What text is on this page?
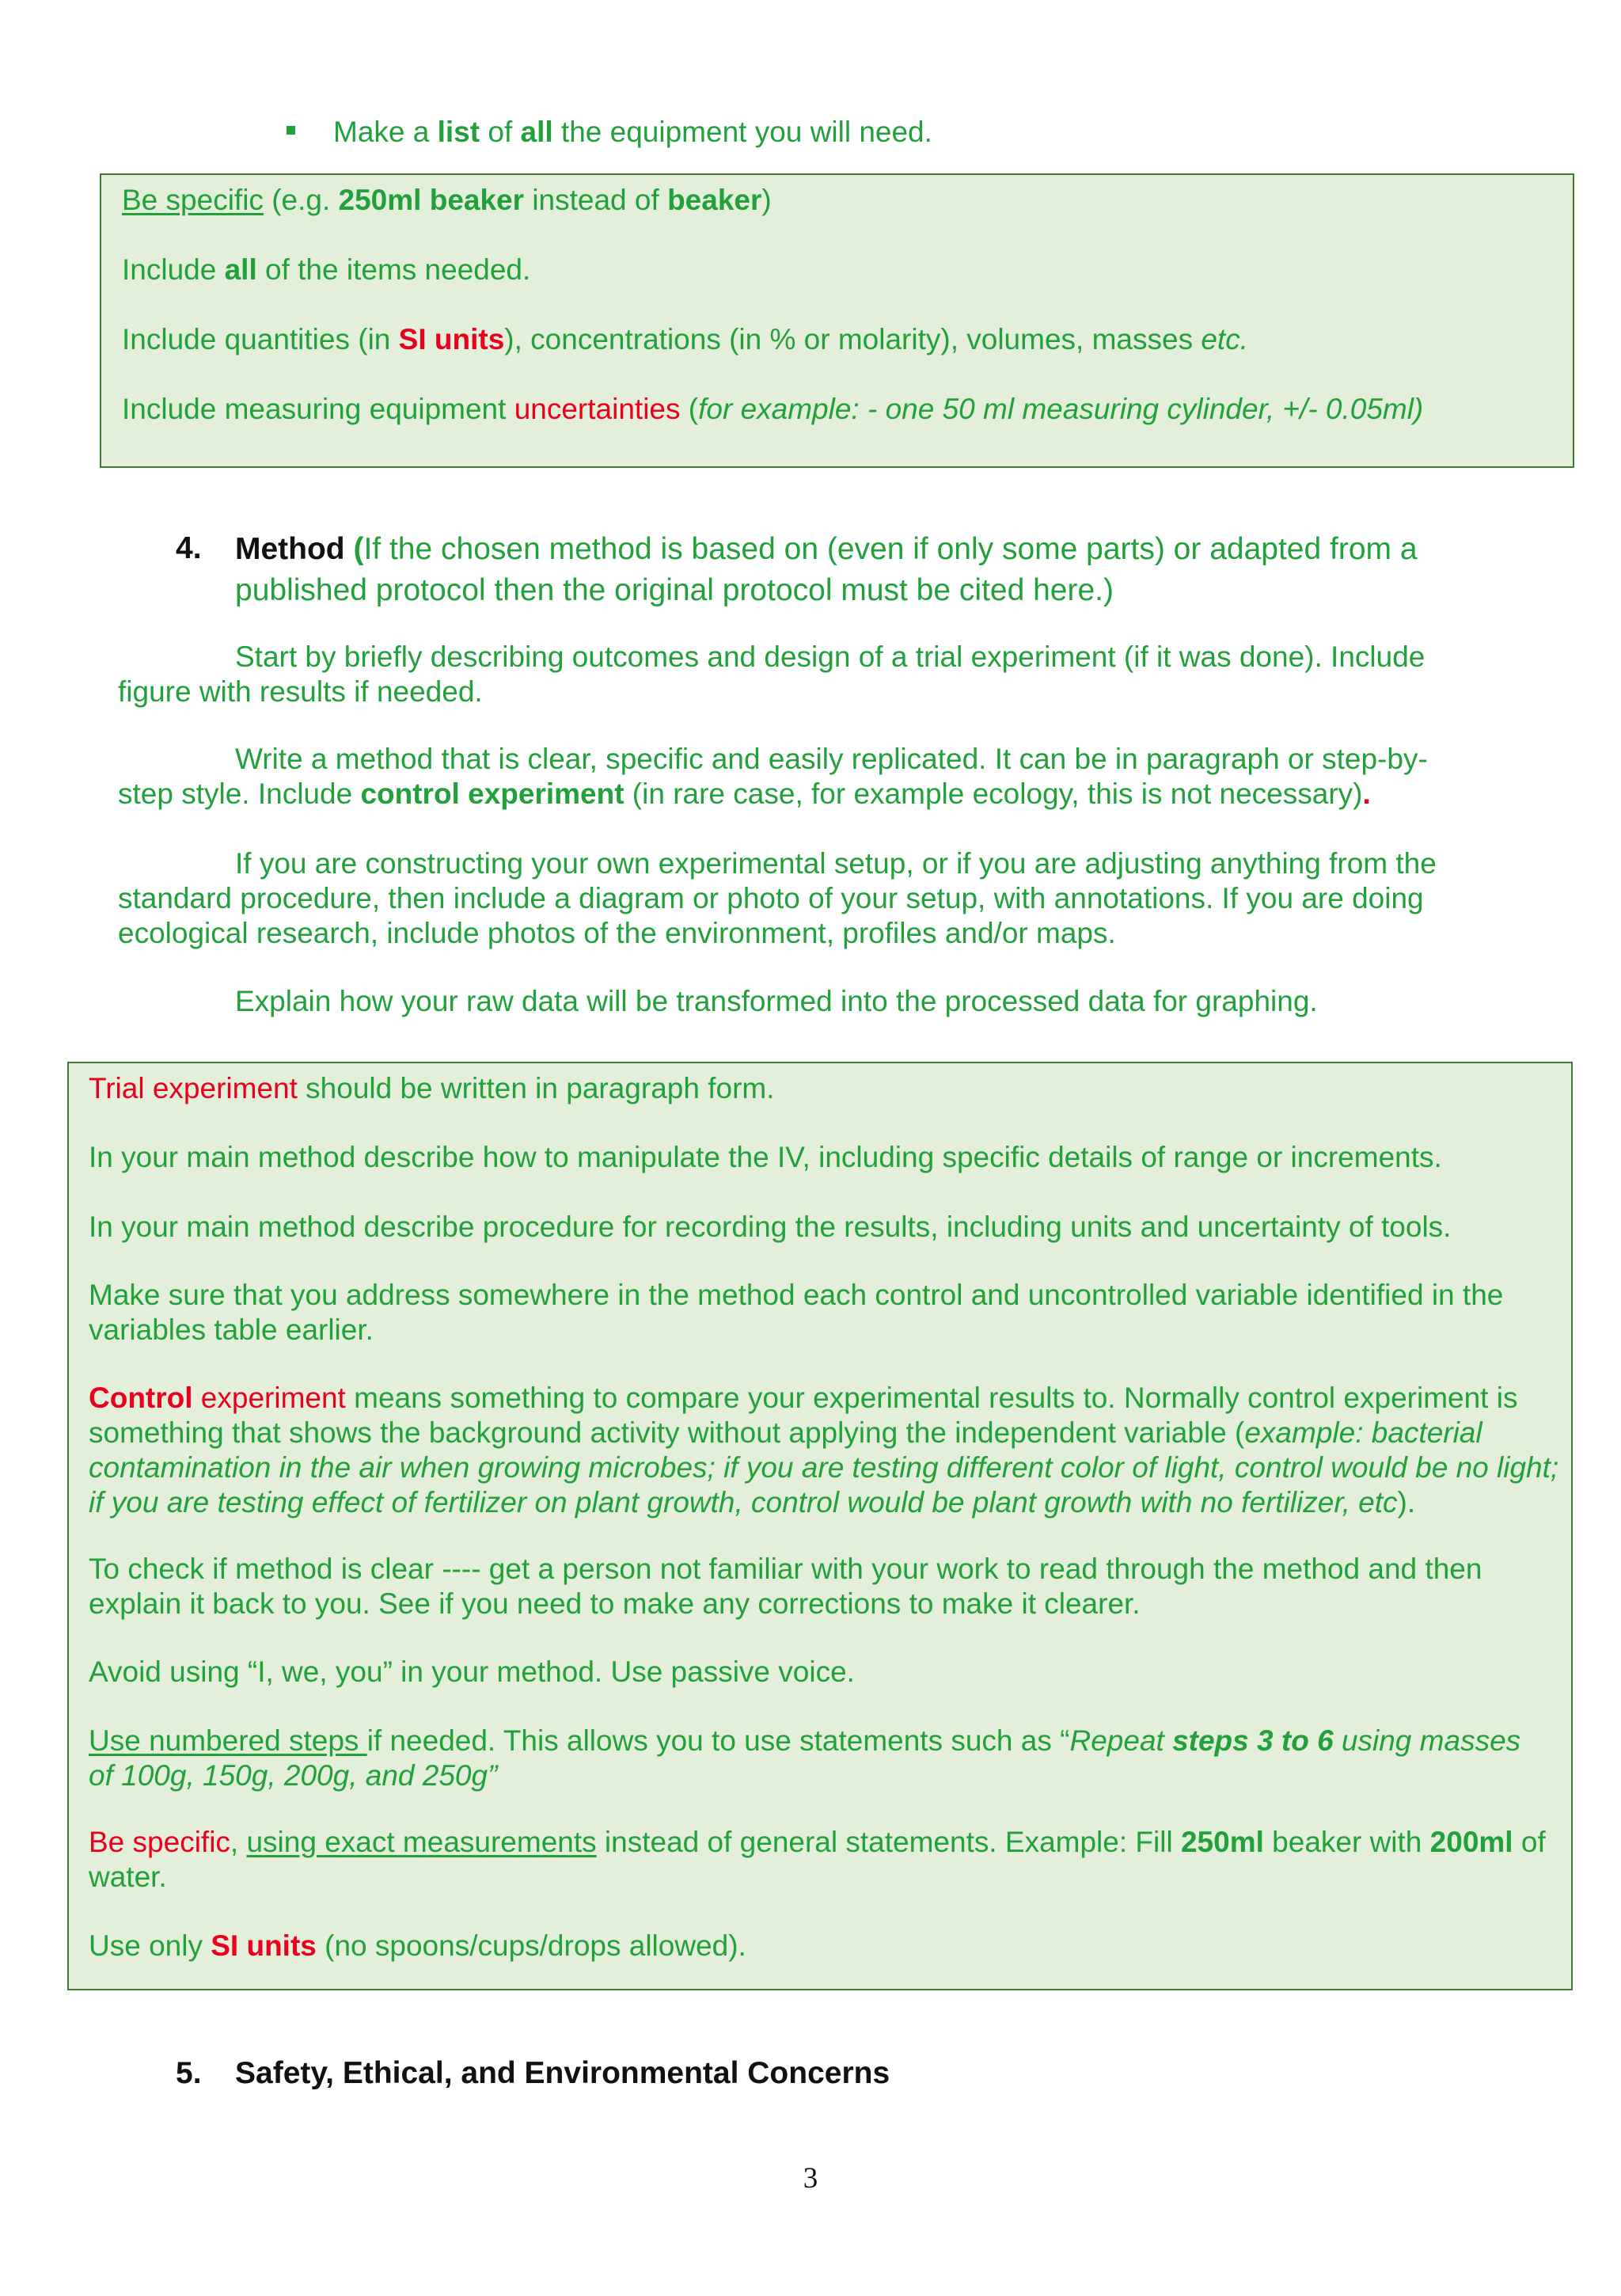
Make a list of all the equipment you will need.

Be specific (e.g. 250ml beaker instead of beaker)

Include all of the items needed.

Include quantities (in SI units), concentrations (in % or molarity), volumes, masses etc.

Include measuring equipment uncertainties (for example: - one 50 ml measuring cylinder, +/- 0.05ml)

4. Method (If the chosen method is based on (even if only some parts) or adapted from a published protocol then the original protocol must be cited here.)
Start by briefly describing outcomes and design of a trial experiment (if it was done). Include figure with results if needed.
Write a method that is clear, specific and easily replicated. It can be in paragraph or step-by-step style. Include control experiment (in rare case, for example ecology, this is not necessary).
If you are constructing your own experimental setup, or if you are adjusting anything from the standard procedure, then include a diagram or photo of your setup, with annotations. If you are doing ecological research, include photos of the environment, profiles and/or maps.
Explain how your raw data will be transformed into the processed data for graphing.

Trial experiment should be written in paragraph form.

In your main method describe how to manipulate the IV, including specific details of range or increments.

In your main method describe procedure for recording the results, including units and uncertainty of tools.

Make sure that you address somewhere in the method each control and uncontrolled variable identified in the variables table earlier.

Control experiment means something to compare your experimental results to. Normally control experiment is something that shows the background activity without applying the independent variable (example: bacterial contamination in the air when growing microbes; if you are testing different color of light, control would be no light; if you are testing effect of fertilizer on plant growth, control would be plant growth with no fertilizer, etc).

To check if method is clear ---- get a person not familiar with your work to read through the method and then explain it back to you. See if you need to make any corrections to make it clearer.

Avoid using “I, we, you” in your method. Use passive voice.

Use numbered steps if needed. This allows you to use statements such as “Repeat steps 3 to 6 using masses of 100g, 150g, 200g, and 250g”

Be specific, using exact measurements instead of general statements. Example: Fill 250ml beaker with 200ml of water.

Use only SI units (no spoons/cups/drops allowed).

5. Safety, Ethical, and Environmental Concerns
3
